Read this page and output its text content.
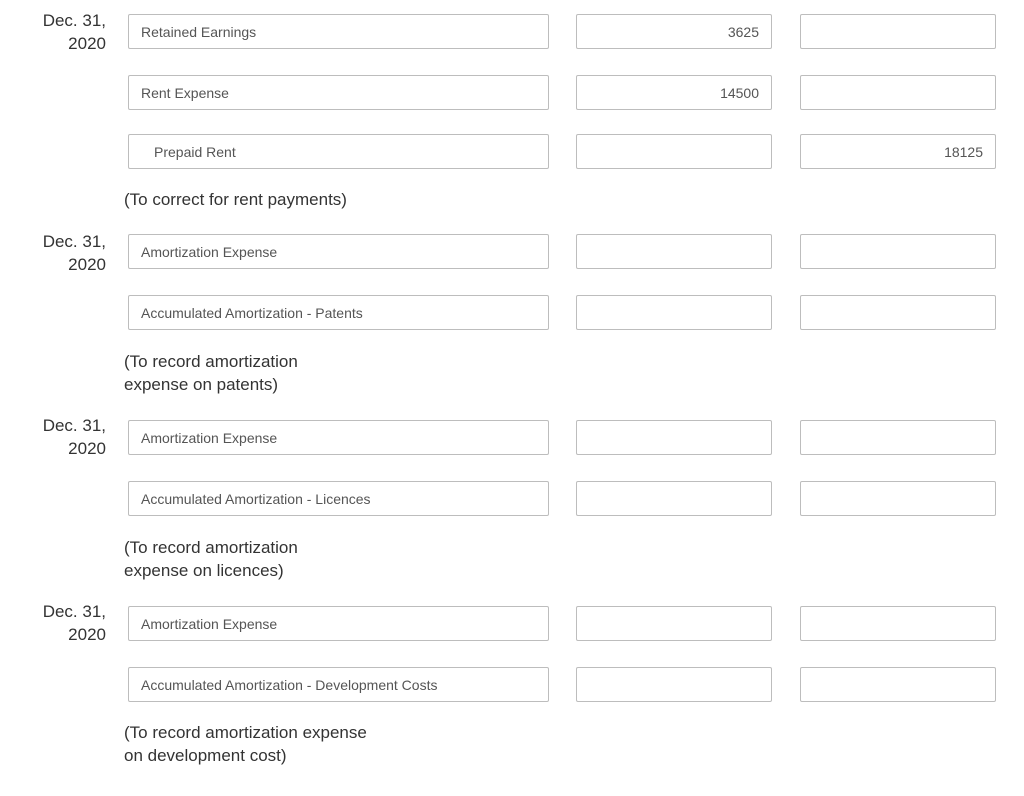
Dec. 31,
2020
Retained Earnings
3625
Rent Expense
14500
Prepaid Rent
18125
(To correct for rent payments)
Dec. 31,
2020
Amortization Expense
Accumulated Amortization - Patents
(To record amortization
expense on patents)
Dec. 31,
2020
Amortization Expense
Accumulated Amortization - Licences
(To record amortization
expense on licences)
Dec. 31,
2020
Amortization Expense
Accumulated Amortization - Development Costs
(To record amortization expense
on development cost)
